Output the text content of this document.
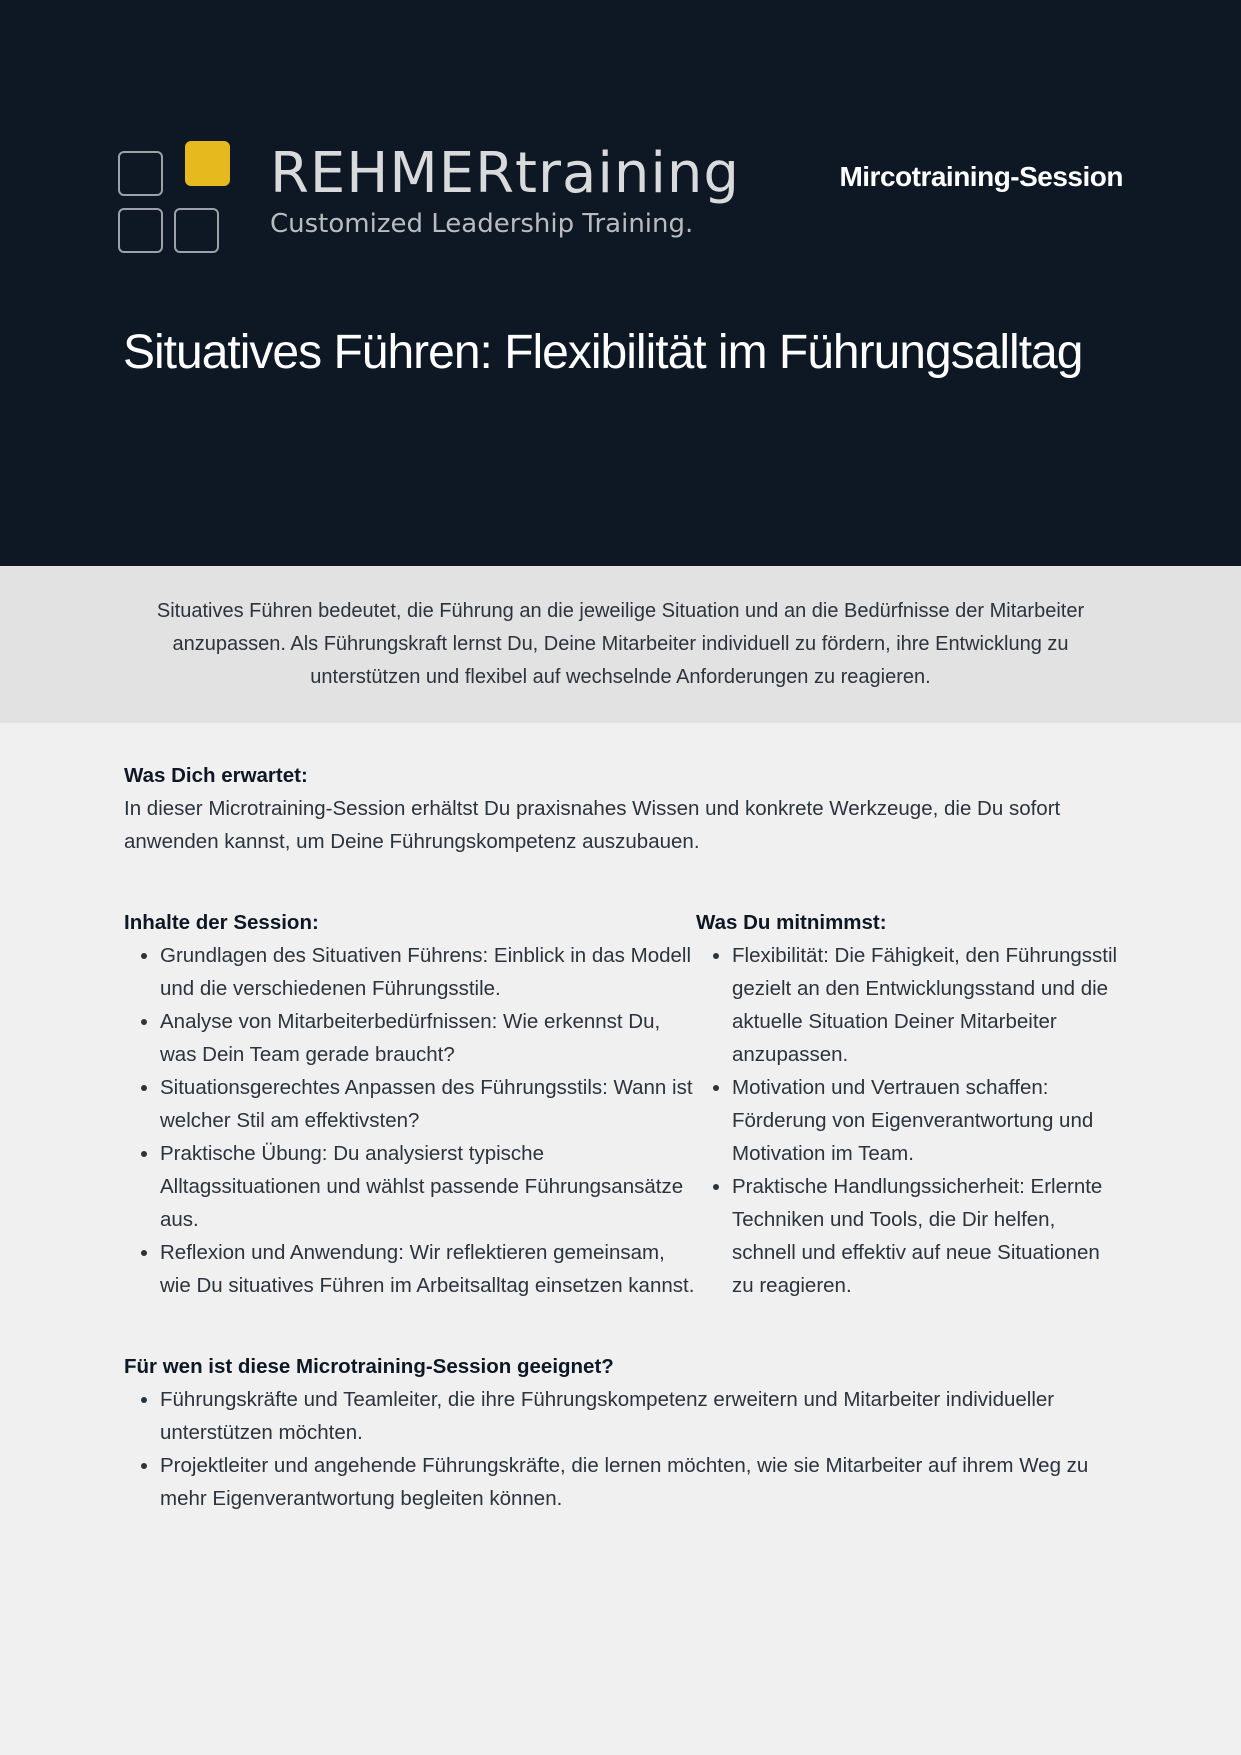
REHMERtraining
Customized Leadership Training.
Mircotraining-Session
Situatives Führen: Flexibilität im Führungsalltag
Situatives Führen bedeutet, die Führung an die jeweilige Situation und an die Bedürfnisse der Mitarbeiter anzupassen. Als Führungskraft lernst Du, Deine Mitarbeiter individuell zu fördern, ihre Entwicklung zu unterstützen und flexibel auf wechselnde Anforderungen zu reagieren.

Was Dich erwartet:

In dieser Microtraining-Session erhältst Du praxisnahes Wissen und konkrete Werkzeuge, die Du sofort anwenden kannst, um Deine Führungskompetenz auszubauen.

Inhalte der Session:

• Grundlagen des Situativen Führens: Einblick in das Modell und die verschiedenen Führungsstile.
• Analyse von Mitarbeiterbedürfnissen: Wie erkennst Du, was Dein Team gerade braucht?
• Situationsgerechtes Anpassen des Führungsstils: Wann ist welcher Stil am effektivsten?
• Praktische Übung: Du analysierst typische Alltagssituationen und wählst passende Führungsansätze aus.
• Reflexion und Anwendung: Wir reflektieren gemeinsam, wie Du situatives Führen im Arbeitsalltag einsetzen kannst.

Was Du mitnimmst:

• Flexibilität: Die Fähigkeit, den Führungsstil gezielt an den Entwicklungsstand und die aktuelle Situation Deiner Mitarbeiter anzupassen.
• Motivation und Vertrauen schaffen: Förderung von Eigenverantwortung und Motivation im Team.
• Praktische Handlungssicherheit: Erlernte Techniken und Tools, die Dir helfen, schnell und effektiv auf neue Situationen zu reagieren.

Für wen ist diese Microtraining-Session geeignet?

• Führungskräfte und Teamleiter, die ihre Führungskompetenz erweitern und Mitarbeiter individueller unterstützen möchten.
• Projektleiter und angehende Führungskräfte, die lernen möchten, wie sie Mitarbeiter auf ihrem Weg zu mehr Eigenverantwortung begleiten können.
